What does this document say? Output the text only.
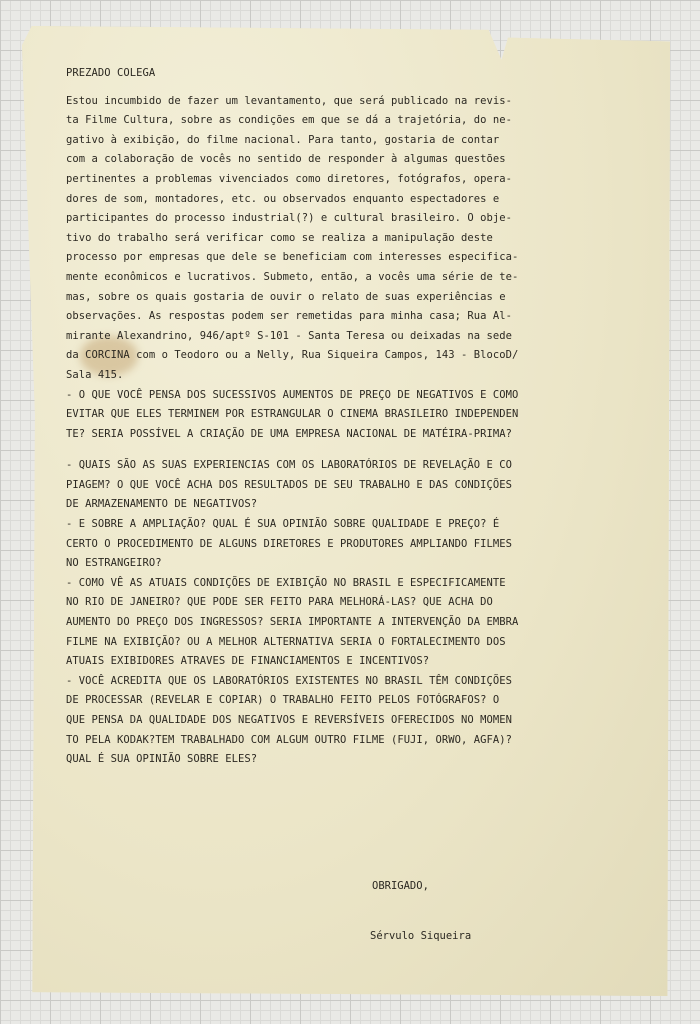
PREZADO COLEGA
Estou incumbido de fazer um levantamento, que será publicado na revis-
ta Filme Cultura, sobre as condições em que se dá a trajetória, do ne-
gativo à exibição, do filme nacional. Para tanto, gostaria de contar
com a colaboração de vocês no sentido de responder à algumas questões
pertinentes a problemas vivenciados como diretores, fotógrafos, opera-
dores de som, montadores, etc. ou observados enquanto espectadores e
participantes do processo industrial(?) e cultural brasileiro. O obje-
tivo do trabalho será verificar como se realiza a manipulação deste
processo por empresas que dele se beneficiam com interesses especifica-
mente econômicos e lucrativos. Submeto, então, a vocês uma série de te-
mas, sobre os quais gostaria de ouvir o relato de suas experiências e
observações. As respostas podem ser remetidas para minha casa; Rua Al-
mirante Alexandrino, 946/aptº S-101 - Santa Teresa ou deixadas na sede
da CORCINA com o Teodoro ou a Nelly, Rua Siqueira Campos, 143 - BlocoD/
Sala 415.
- O QUE VOCÊ PENSA DOS SUCESSIVOS AUMENTOS DE PREÇO DE NEGATIVOS E COMO
EVITAR QUE ELES TERMINEM POR ESTRANGULAR O CINEMA BRASILEIRO INDEPENDEN
TE? SERIA POSSÍVEL A CRIAÇÃO DE UMA EMPRESA NACIONAL DE MATÉIRA-PRIMA?
- QUAIS SÃO AS SUAS EXPERIENCIAS COM OS LABORATÓRIOS DE REVELAÇÃO E CO
PIAGEM? O QUE VOCÊ ACHA DOS RESULTADOS DE SEU TRABALHO E DAS CONDIÇÕES
DE ARMAZENAMENTO DE NEGATIVOS?
- E SOBRE A AMPLIAÇÃO? QUAL É SUA OPINIÃO SOBRE QUALIDADE E PREÇO? É
CERTO O PROCEDIMENTO DE ALGUNS DIRETORES E PRODUTORES AMPLIANDO FILMES
NO ESTRANGEIRO?
- COMO VÊ AS ATUAIS CONDIÇÕES DE EXIBIÇÃO NO BRASIL E ESPECIFICAMENTE
NO RIO DE JANEIRO? QUE PODE SER FEITO PARA MELHORÁ-LAS? QUE ACHA DO
AUMENTO DO PREÇO DOS INGRESSOS? SERIA IMPORTANTE A INTERVENÇÃO DA EMBRA
FILME NA EXIBIÇÃO? OU A MELHOR ALTERNATIVA SERIA O FORTALECIMENTO DOS
ATUAIS EXIBIDORES ATRAVES DE FINANCIAMENTOS E INCENTIVOS?
- VOCÊ ACREDITA QUE OS LABORATÓRIOS EXISTENTES NO BRASIL TÊM CONDIÇÕES
DE PROCESSAR (REVELAR E COPIAR) O TRABALHO FEITO PELOS FOTÓGRAFOS? O
QUE PENSA DA QUALIDADE DOS NEGATIVOS E REVERSÍVEIS OFERECIDOS NO MOMEN
TO PELA KODAK?TEM TRABALHADO COM ALGUM OUTRO FILME (FUJI, ORWO, AGFA)?
QUAL É SUA OPINIÃO SOBRE ELES?
OBRIGADO,
Sérvulo Siqueira
